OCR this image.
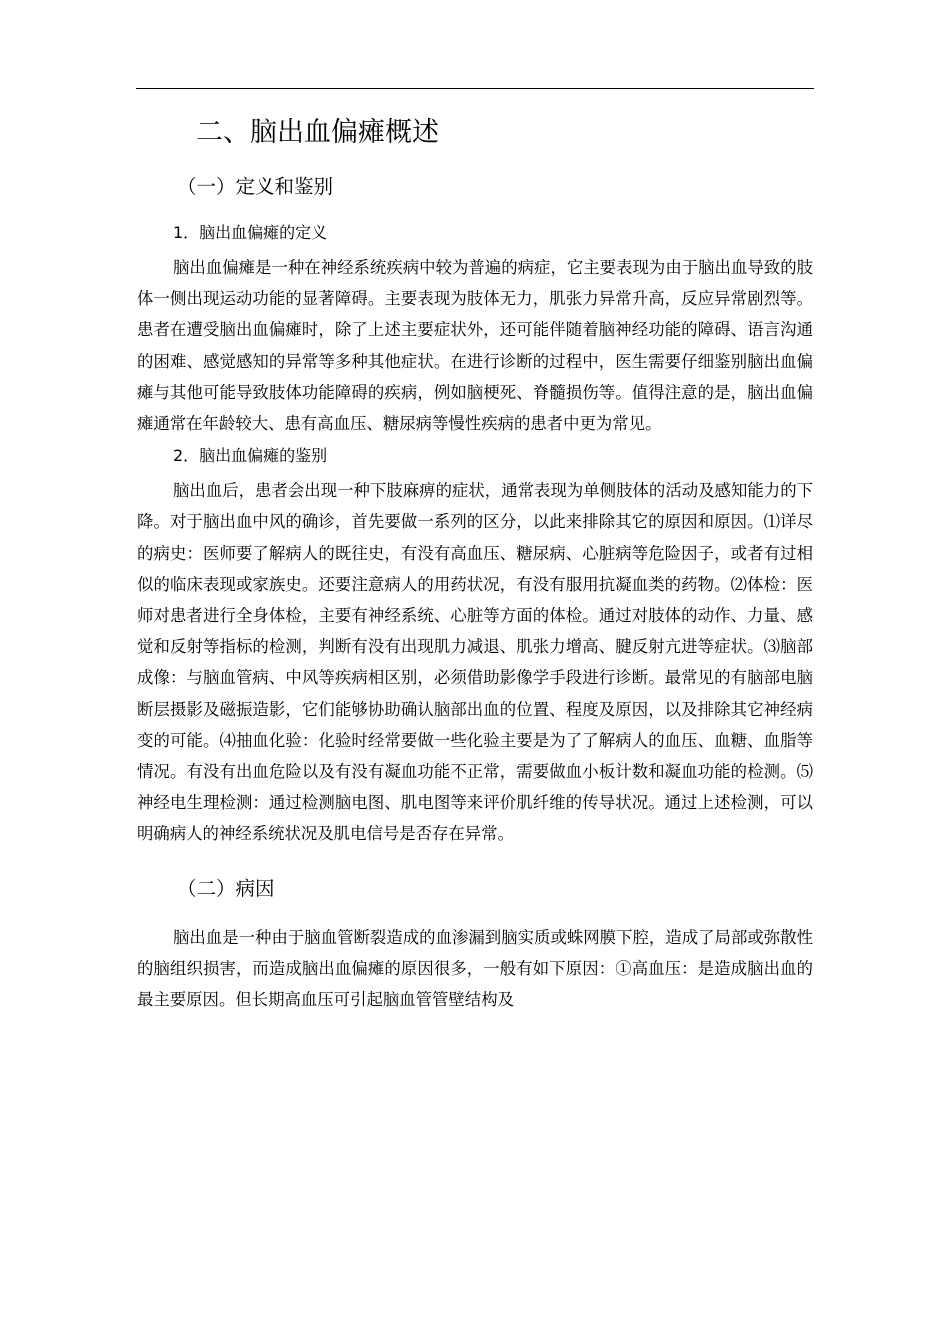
二、脑出血偏瘫概述
（一）定义和鉴别
1．脑出血偏瘫的定义

脑出血偏瘫是一种在神经系统疾病中较为普遍的病症，它主要表现为由于脑出血导致的肢体一侧出现运动功能的显著障碍。主要表现为肢体无力，肌张力异常升高，反应异常剧烈等。患者在遭受脑出血偏瘫时，除了上述主要症状外，还可能伴随着脑神经功能的障碍、语言沟通的困难、感觉感知的异常等多种其他症状。在进行诊断的过程中，医生需要仔细鉴别脑出血偏瘫与其他可能导致肢体功能障碍的疾病，例如脑梗死、脊髓损伤等。值得注意的是，脑出血偏瘫通常在年龄较大、患有高血压、糖尿病等慢性疾病的患者中更为常见。

2．脑出血偏瘫的鉴别

脑出血后，患者会出现一种下肢麻痹的症状，通常表现为单侧肢体的活动及感知能力的下降。对于脑出血中风的确诊，首先要做一系列的区分，以此来排除其它的原因和原因。⑴详尽的病史：医师要了解病人的既往史，有没有高血压、糖尿病、心脏病等危险因子，或者有过相似的临床表现或家族史。还要注意病人的用药状况，有没有服用抗凝血类的药物。⑵体检：医师对患者进行全身体检，主要有神经系统、心脏等方面的体检。通过对肢体的动作、力量、感觉和反射等指标的检测，判断有没有出现肌力减退、肌张力增高、腱反射亢进等症状。⑶脑部成像：与脑血管病、中风等疾病相区别，必须借助影像学手段进行诊断。最常见的有脑部电脑断层摄影及磁振造影，它们能够协助确认脑部出血的位置、程度及原因，以及排除其它神经病变的可能。⑷抽血化验：化验时经常要做一些化验主要是为了了解病人的血压、血糖、血脂等情况。有没有出血危险以及有没有凝血功能不正常，需要做血小板计数和凝血功能的检测。⑸神经电生理检测：通过检测脑电图、肌电图等来评价肌纤维的传导状况。通过上述检测，可以明确病人的神经系统状况及肌电信号是否存在异常。

（二）病因

脑出血是一种由于脑血管断裂造成的血渗漏到脑实质或蛛网膜下腔，造成了局部或弥散性的脑组织损害，而造成脑出血偏瘫的原因很多，一般有如下原因：①高血压：是造成脑出血的最主要原因。但长期高血压可引起脑血管管壁结构及
